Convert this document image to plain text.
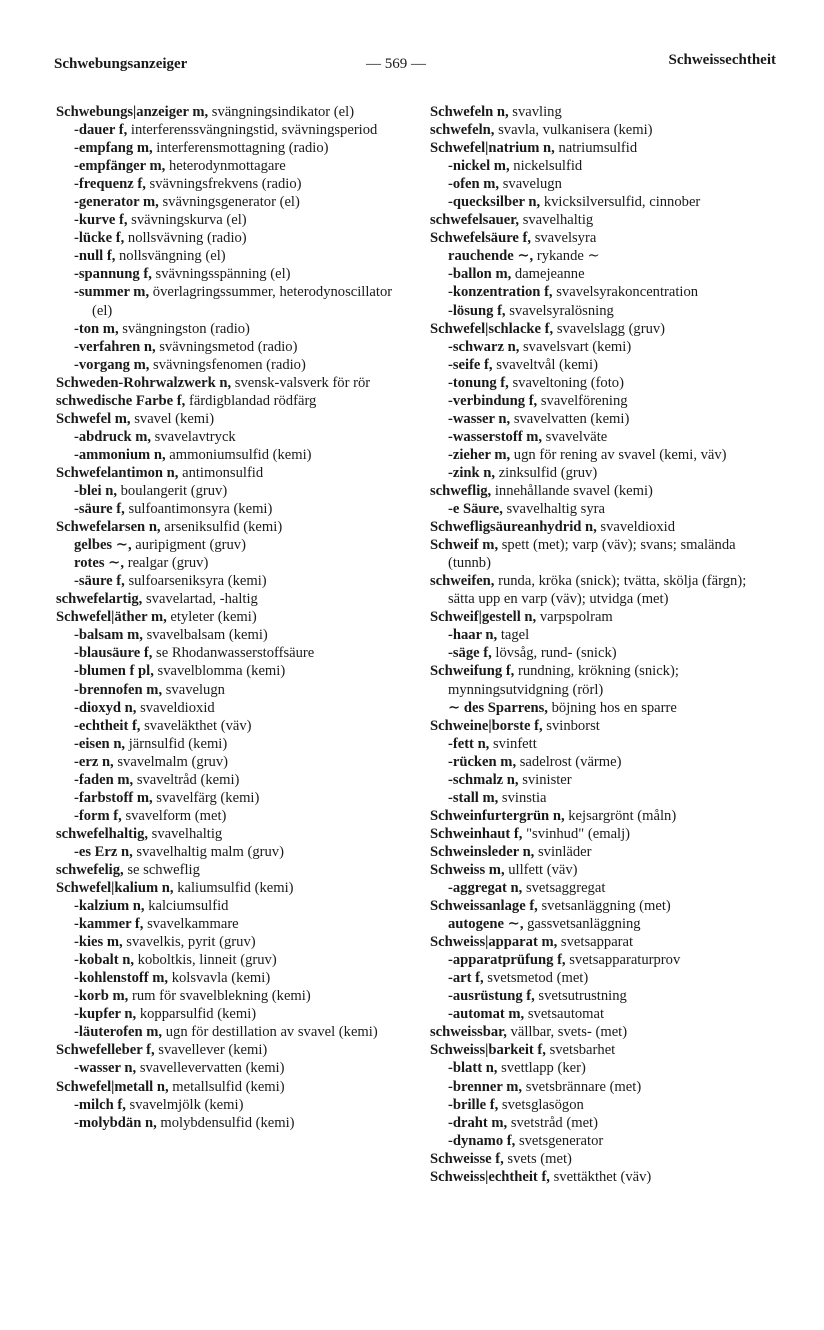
Schwebungsanzeiger	— 569 —	Schweissechtheit
Schwebungs|anzeiger m, svängningsindikator (el)
-dauer f, interferenssvängningstid, svävningsperiod
-empfang m, interferensmottagning (radio)
-empfänger m, heterodynmottagare
-frequenz f, svävningsfrekvens (radio)
-generator m, svävningsgenerator (el)
-kurve f, svävningskurva (el)
-lücke f, nollsvävning (radio)
-null f, nollsvängning (el)
-spannung f, svävningsspänning (el)
-summer m, överlagringssummer, heterodynoscillator (el)
-ton m, svängningston (radio)
-verfahren n, svävningsmetod (radio)
-vorgang m, svävningsfenomen (radio)
Schweden-Rohrwalzwerk n, svensk-valsverk för rör
schwedische Farbe f, färdigblandad rödfärg
Schwefel m, svavel (kemi)
-abdruck m, svavelavtryck
-ammonium n, ammoniumsulfid (kemi)
Schwefelantimon n, antimonsulfid
-blei n, boulangerit (gruv)
-säure f, sulfoantimonsyra (kemi)
Schwefelarsen n, arseniksulfid (kemi)
gelbes ∼, auripigment (gruv)
rotes ∼, realgar (gruv)
-säure f, sulfoarseniksyra (kemi)
schwefelartig, svavelartad, -haltig
Schwefel|äther m, etyleter (kemi)
-balsam m, svavelbalsam (kemi)
-blausäure f, se Rhodanwasserstoffsäure
-blumen f pl, svavelblomma (kemi)
-brennofen m, svavelugn
-dioxyd n, svaveldioxid
-echtheit f, svaveläkthet (väv)
-eisen n, järnsulfid (kemi)
-erz n, svavelmalm (gruv)
-faden m, svaveltråd (kemi)
-farbstoff m, svavelfärg (kemi)
-form f, svavelform (met)
schwefelhaltig, svavelhaltig
-es Erz n, svavelhaltig malm (gruv)
schwefelig, se schweflig
Schwefel|kalium n, kaliumsulfid (kemi)
-kalzium n, kalciumsulfid
-kammer f, svavelkammare
-kies m, svavelkis, pyrit (gruv)
-kobalt n, koboltkis, linneit (gruv)
-kohlenstoff m, kolsvavla (kemi)
-korb m, rum för svavelblekning (kemi)
-kupfer n, kopparsulfid (kemi)
-läuterofen m, ugn för destillation av svavel (kemi)
Schwefelleber f, svavellever (kemi)
-wasser n, svavellevervatten (kemi)
Schwefel|metall n, metallsulfid (kemi)
-milch f, svavelmjölk (kemi)
-molybdän n, molybdensulfid (kemi)
Schwefeln n, svavling
schwefeln, svavla, vulkanisera (kemi)
Schwefel|natrium n, natriumsulfid
-nickel m, nickelsulfid
-ofen m, svavelugn
-quecksilber n, kvicksilversulfid, cinnober
schwefelsauer, svavelhaltig
Schwefelsäure f, svavelsyra
rauchende ∼, rykande ∼
-ballon m, damejeanne
-konzentration f, svavelsyrakoncentration
-lösung f, svavelsyralösning
Schwefel|schlacke f, svavelslagg (gruv)
-schwarz n, svavelsvart (kemi)
-seife f, svaveltvål (kemi)
-tonung f, svaveltoning (foto)
-verbindung f, svavelförening
-wasser n, svavelvatten (kemi)
-wasserstoff m, svavelväte
-zieher m, ugn för rening av svavel (kemi, väv)
-zink n, zinksulfid (gruv)
schweflig, innehållande svavel (kemi)
-e Säure, svavelhaltig syra
Schwefligsäureanhydrid n, svaveldioxid
Schweif m, spett (met); varp (väv); svans; smalända (tunnb)
schweifen, runda, kröka (snick); tvätta, skölja (färgn); sätta upp en varp (väv); utvidga (met)
Schweif|gestell n, varpspolram
-haar n, tagel
-säge f, lövsåg, rund- (snick)
Schweifung f, rundning, krökning (snick); mynningsutvidgning (rörl)
∼ des Sparrens, böjning hos en sparre
Schweine|borste f, svinborst
-fett n, svinfett
-rücken m, sadelrost (värme)
-schmalz n, svinister
-stall m, svinstia
Schweinfurtergrün n, kejsargrönt (måln)
Schweinhaut f, "svinhud" (emalj)
Schweinsleder n, svinläder
Schweiss m, ullfett (väv)
-aggregat n, svetsaggregat
Schweissanlage f, svetsanläggning (met)
autogene ∼, gassvetsanläggning
Schweiss|apparat m, svetsapparat
-apparatprüfung f, svetsapparaturprov
-art f, svetsmetod (met)
-ausrüstung f, svetsutrustning
-automat m, svetsautomat
schweissbar, vällbar, svets- (met)
Schweiss|barkeit f, svetsbarhet
-blatt n, svettlapp (ker)
-brenner m, svetsbrännare (met)
-brille f, svetsglasögon
-draht m, svetstråd (met)
-dynamo f, svetsgenerator
Schweisse f, svets (met)
Schweiss|echtheit f, svettäkthet (väv)
